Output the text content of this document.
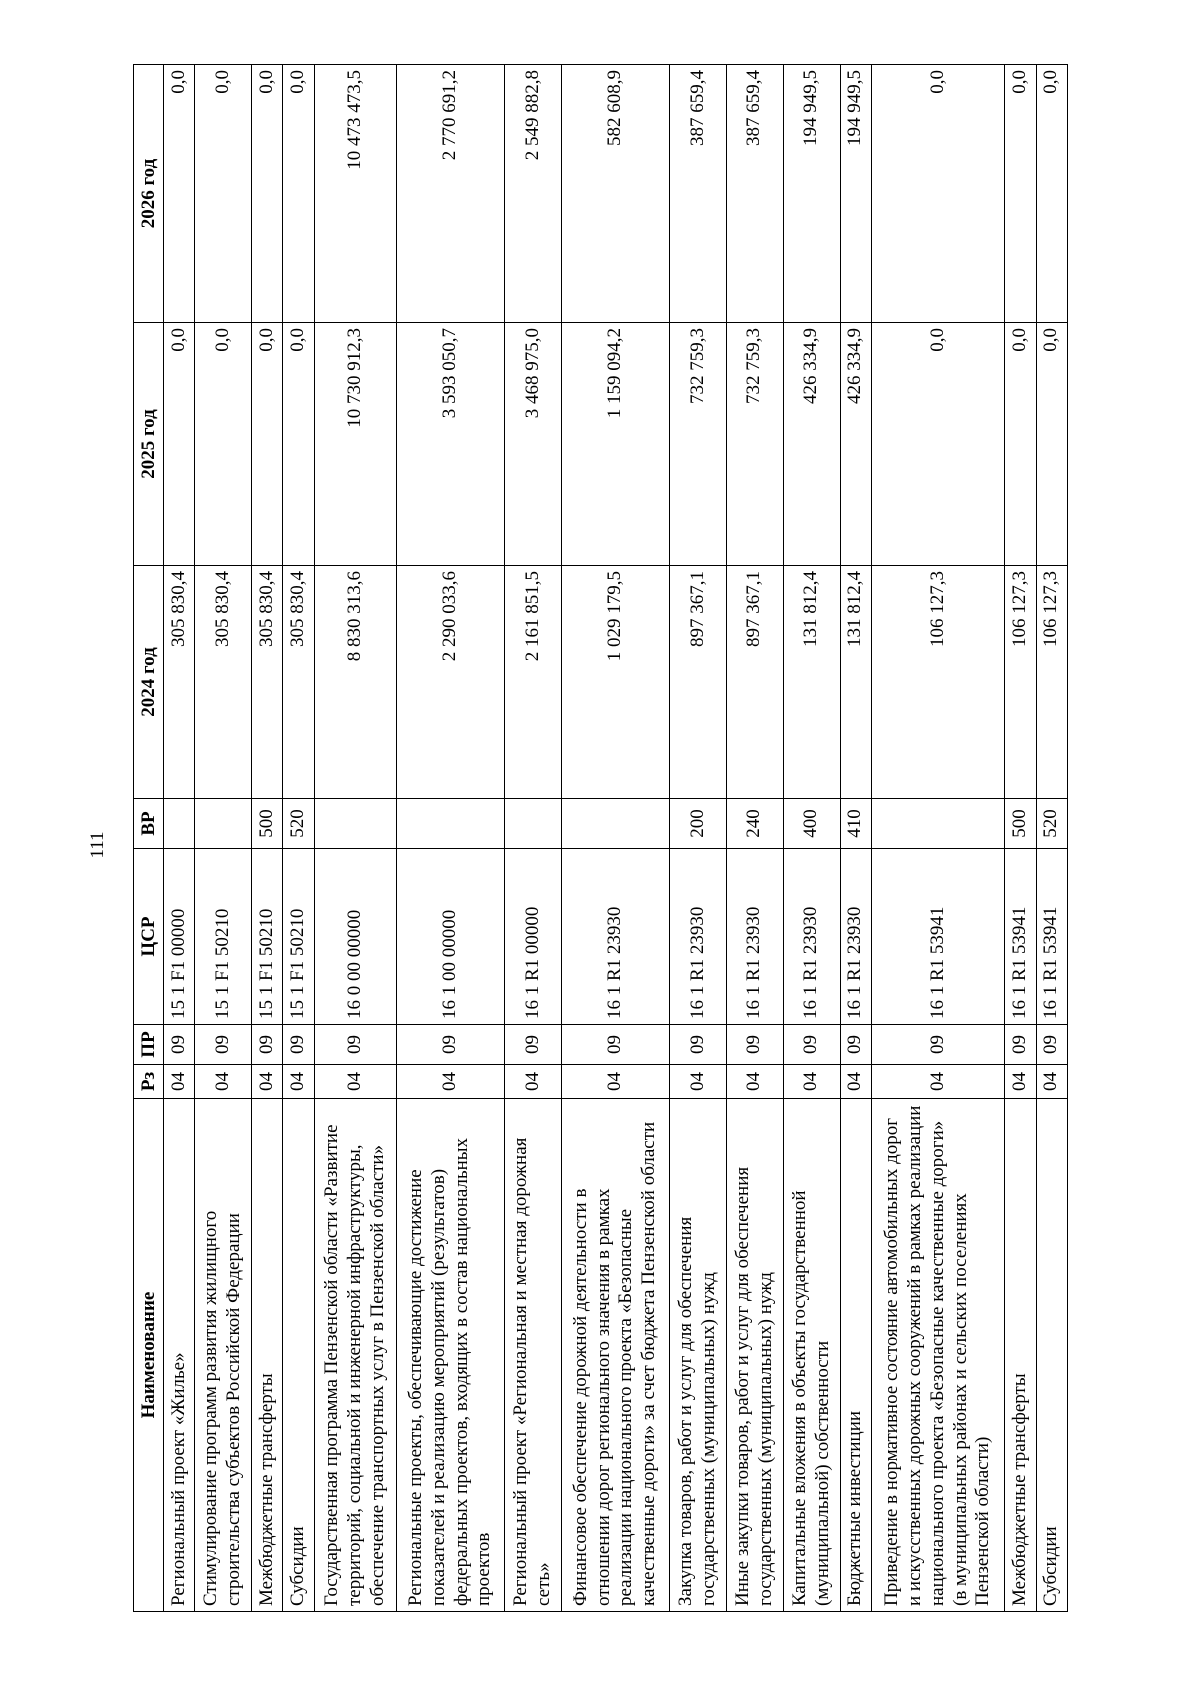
111
Наименование	Рз	ПР	ЦСР	ВР	2024 год	2025 год	2026 год
Региональный проект «Жилье»	04	09	15 1 F1 00000		305 830,4	0,0	0,0
Стимулирование программ развития жилищного строительства субъектов Российской Федерации	04	09	15 1 F1 50210		305 830,4	0,0	0,0
Межбюджетные трансферты	04	09	15 1 F1 50210	500	305 830,4	0,0	0,0
Субсидии	04	09	15 1 F1 50210	520	305 830,4	0,0	0,0
Государственная программа Пензенской области «Развитие территорий, социальной и инженерной инфраструктуры, обеспечение транспортных услуг в Пензенской области»	04	09	16 0 00 00000		8 830 313,6	10 730 912,3	10 473 473,5
Региональные проекты, обеспечивающие достижение показателей и реализацию мероприятий (результатов) федеральных проектов, входящих в состав национальных проектов	04	09	16 1 00 00000		2 290 033,6	3 593 050,7	2 770 691,2
Региональный проект «Региональная и местная дорожная сеть»	04	09	16 1 R1 00000		2 161 851,5	3 468 975,0	2 549 882,8
Финансовое обеспечение дорожной деятельности в отношении дорог регионального значения в рамках реализации национального проекта «Безопасные качественные дороги» за счет бюджета Пензенской области	04	09	16 1 R1 23930		1 029 179,5	1 159 094,2	582 608,9
Закупка товаров, работ и услуг для обеспечения государственных (муниципальных) нужд	04	09	16 1 R1 23930	200	897 367,1	732 759,3	387 659,4
Иные закупки товаров, работ и услуг для обеспечения государственных (муниципальных) нужд	04	09	16 1 R1 23930	240	897 367,1	732 759,3	387 659,4
Капитальные вложения в объекты государственной (муниципальной) собственности	04	09	16 1 R1 23930	400	131 812,4	426 334,9	194 949,5
Бюджетные инвестиции	04	09	16 1 R1 23930	410	131 812,4	426 334,9	194 949,5
Приведение в нормативное состояние автомобильных дорог и искусственных дорожных сооружений в рамках реализации национального проекта «Безопасные качественные дороги» (в муниципальных районах и сельских поселениях Пензенской области)	04	09	16 1 R1 53941		106 127,3	0,0	0,0
Межбюджетные трансферты	04	09	16 1 R1 53941	500	106 127,3	0,0	0,0
Субсидии	04	09	16 1 R1 53941	520	106 127,3	0,0	0,0
